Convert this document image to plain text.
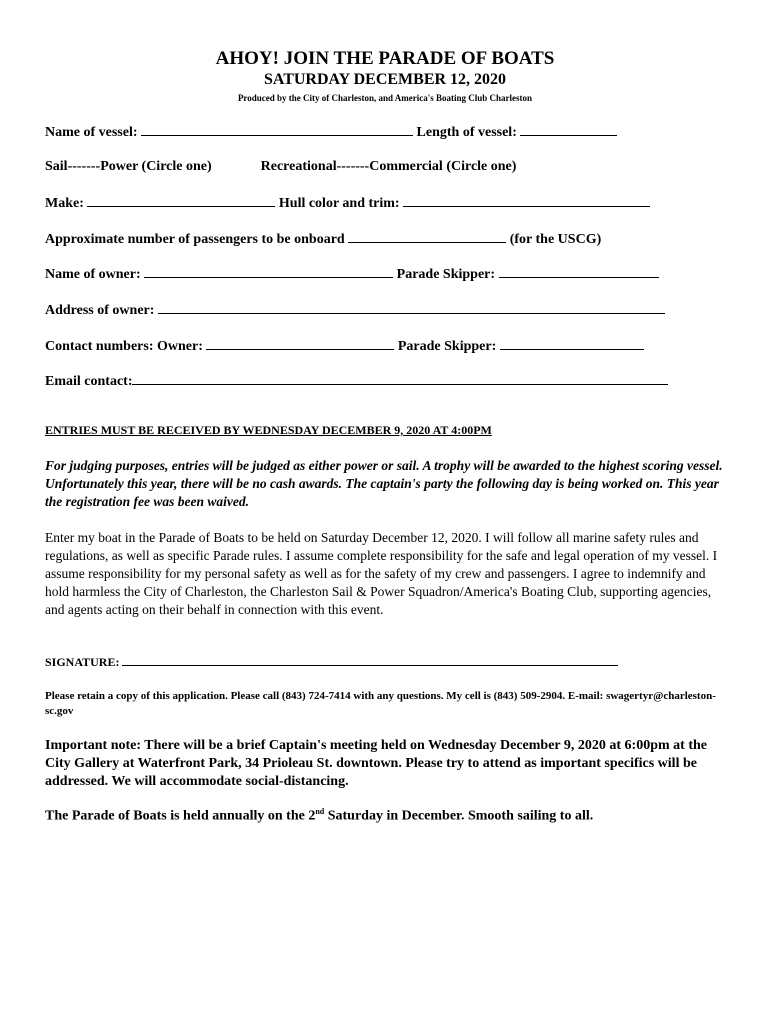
AHOY! JOIN THE PARADE OF BOATS
SATURDAY DECEMBER 12, 2020
Produced by the City of Charleston, and America's Boating Club Charleston
Name of vessel:	Length of vessel:
Sail-------Power (Circle one)	Recreational-------Commercial (Circle one)
Make:	Hull color and trim:
Approximate number of passengers to be onboard	(for the USCG)
Name of owner:	Parade Skipper:
Address of owner:
Contact numbers: Owner:	Parade Skipper:
Email contact:
ENTRIES MUST BE RECEIVED BY WEDNESDAY DECEMBER 9, 2020 AT 4:00PM
For judging purposes, entries will be judged as either power or sail. A trophy will be awarded to the highest scoring vessel. Unfortunately this year, there will be no cash awards. The captain's party the following day is being worked on. This year the registration fee was been waived.
Enter my boat in the Parade of Boats to be held on Saturday December 12, 2020. I will follow all marine safety rules and regulations, as well as specific Parade rules. I assume complete responsibility for the safe and legal operation of my vessel. I assume responsibility for my personal safety as well as for the safety of my crew and passengers. I agree to indemnify and hold harmless the City of Charleston, the Charleston Sail & Power Squadron/America's Boating Club, supporting agencies, and agents acting on their behalf in connection with this event.
SIGNATURE:
Please retain a copy of this application. Please call (843) 724-7414 with any questions. My cell is (843) 509-2904. E-mail: swagertyr@charleston-sc.gov
Important note: There will be a brief Captain's meeting held on Wednesday December 9, 2020 at 6:00pm at the City Gallery at Waterfront Park, 34 Prioleau St. downtown. Please try to attend as important specifics will be addressed. We will accommodate social-distancing.
The Parade of Boats is held annually on the 2nd Saturday in December. Smooth sailing to all.
